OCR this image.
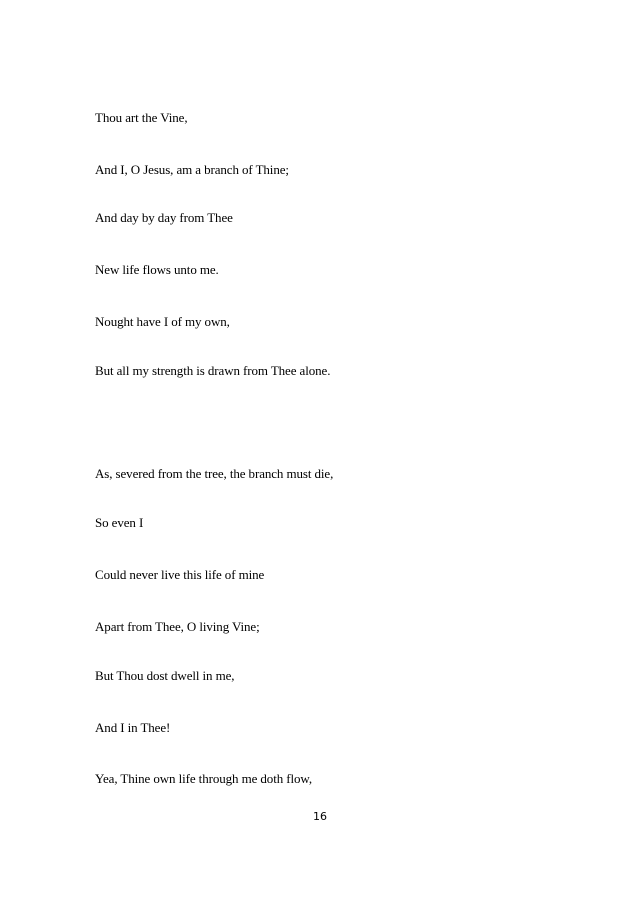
Thou art the Vine,

And I, O Jesus, am a branch of Thine;

And day by day from Thee

New life flows unto me.

Nought have I of my own,

But all my strength is drawn from Thee alone.

As, severed from the tree, the branch must die,

So even I

Could never live this life of mine

Apart from Thee, O living Vine;

But Thou dost dwell in me,

And I in Thee!

Yea, Thine own life through me doth flow,

16
